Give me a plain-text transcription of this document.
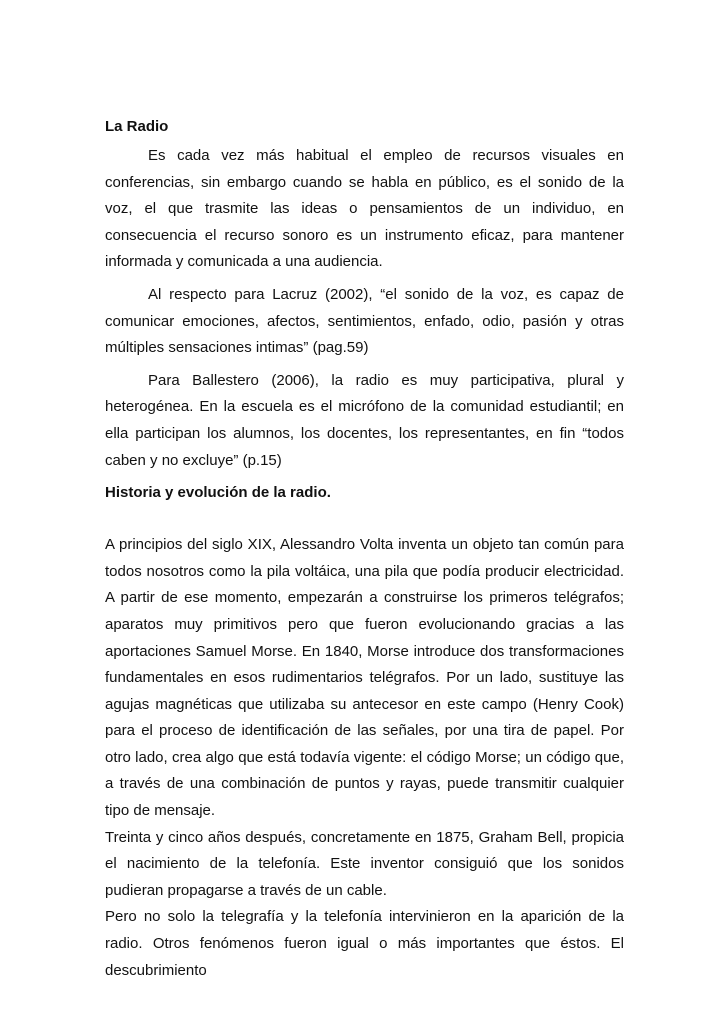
La Radio

Es cada vez más habitual el empleo de recursos visuales en conferencias, sin embargo cuando se habla en público, es el sonido de la voz, el que trasmite las ideas o pensamientos de un individuo, en consecuencia el recurso sonoro es un instrumento eficaz, para mantener informada y comunicada a una audiencia.

Al respecto para Lacruz (2002), “el sonido de la voz, es capaz de comunicar emociones, afectos, sentimientos, enfado, odio, pasión y otras múltiples sensaciones intimas” (pag.59)

Para Ballestero (2006), la radio es muy participativa, plural y heterogénea. En la escuela es el micrófono de la comunidad estudiantil; en ella participan los alumnos, los docentes, los representantes, en fin “todos caben y no excluye” (p.15)

Historia y evolución de la radio.

A principios del siglo XIX, Alessandro Volta inventa un objeto tan común para todos nosotros como la pila voltáica, una pila que podía producir electricidad. A partir de ese momento, empezarán a construirse los primeros telégrafos; aparatos muy primitivos pero que fueron evolucionando gracias a las aportaciones Samuel Morse. En 1840, Morse introduce dos transformaciones fundamentales en esos rudimentarios telégrafos. Por un lado, sustituye las agujas magnéticas que utilizaba su antecesor en este campo (Henry Cook) para el proceso de identificación de las señales, por una tira de papel. Por otro lado, crea algo que está todavía vigente: el código Morse; un código que, a través de una combinación de puntos y rayas, puede transmitir cualquier tipo de mensaje.

Treinta y cinco años después, concretamente en 1875, Graham Bell, propicia el nacimiento de la telefonía. Este inventor consiguió que los sonidos pudieran propagarse a través de un cable.

Pero no solo la telegrafía y la telefonía intervinieron en la aparición de la radio. Otros fenómenos fueron igual o más importantes que éstos. El descubrimiento
